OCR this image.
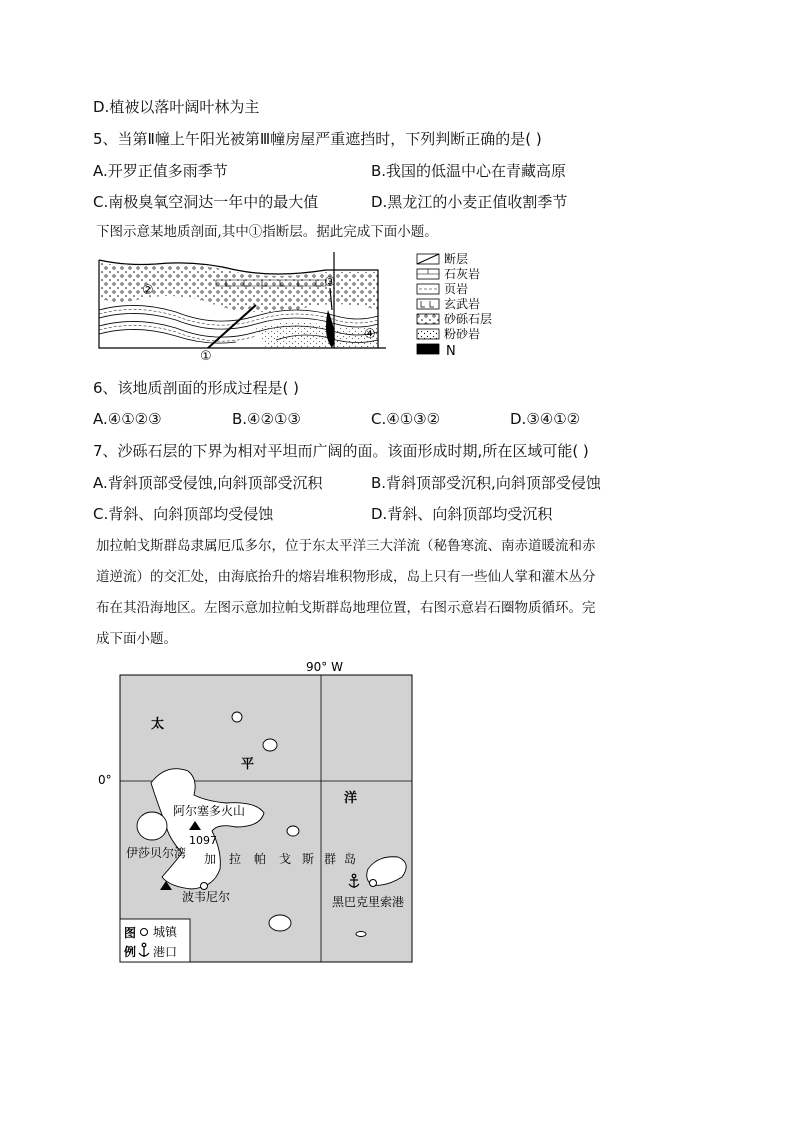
D.植被以落叶阔叶林为主
5、当第Ⅱ幢上午阳光被第Ⅲ幢房屋严重遮挡时，下列判断正确的是( )
A.开罗正值多雨季节	B.我国的低温中心在青藏高原
C.南极臭氧空洞达一年中的最大值	D.黑龙江的小麦正值收割季节
下图示意某地质剖面,其中①指断层。据此完成下面小题。
②
③
④
①
断层
石灰岩
页岩
玄武岩
砂砾石层
粉砂岩
N
6、该地质剖面的形成过程是( )
A.④①②③	B.④②①③	C.④①③②	D.③④①②
7、沙砾石层的下界为相对平坦而广阔的面。该面形成时期,所在区域可能( )
A.背斜顶部受侵蚀,向斜顶部受沉积	B.背斜顶部受沉积,向斜顶部受侵蚀
C.背斜、向斜顶部均受侵蚀	D.背斜、向斜顶部均受沉积
加拉帕戈斯群岛隶属厄瓜多尔，位于东太平洋三大洋流（秘鲁寒流、南赤道暖流和赤
道逆流）的交汇处，由海底抬升的熔岩堆积物形成，岛上只有一些仙人掌和灌木丛分
布在其沿海地区。左图示意加拉帕戈斯群岛地理位置，右图示意岩石圈物质循环。完
成下面小题。
90° W
0°
图
例
城镇
港口
太
平
洋
阿尔塞多火山
1097
伊莎贝尔湾 加 拉 帕 戈 斯 群 岛
波韦尼尔	黑巴克里索港
